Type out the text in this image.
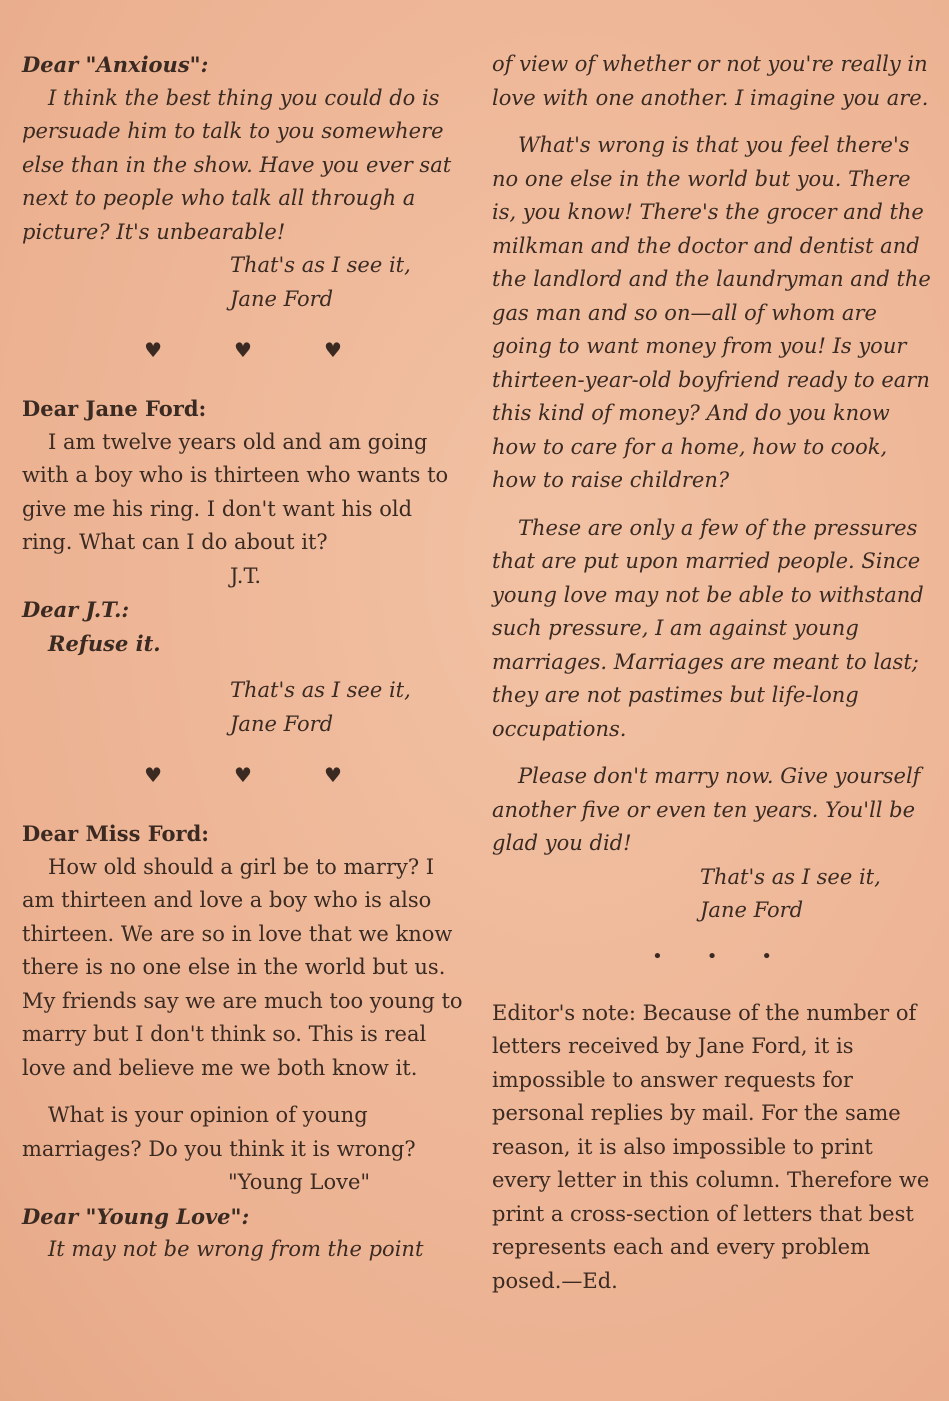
Dear "Anxious":

I think the best thing you could do is persuade him to talk to you somewhere else than in the show. Have you ever sat next to people who talk all through a picture? It's unbearable!

That's as I see it,

Jane Ford

♥	♥	♥

Dear Jane Ford:

I am twelve years old and am going with a boy who is thirteen who wants to give me his ring. I don't want his old ring. What can I do about it?

J.T.

Dear J.T.:

Refuse it.

That's as I see it,

Jane Ford

♥	♥	♥

Dear Miss Ford:

How old should a girl be to marry? I am thirteen and love a boy who is also thirteen. We are so in love that we know there is no one else in the world but us. My friends say we are much too young to marry but I don't think so. This is real love and believe me we both know it.

What is your opinion of young marriages? Do you think it is wrong?

"Young Love"

Dear "Young Love":

It may not be wrong from the point

of view of whether or not you're really in love with one another. I imagine you are.

What's wrong is that you feel there's no one else in the world but you. There is, you know! There's the grocer and the milkman and the doctor and dentist and the landlord and the laundryman and the gas man and so on—all of whom are going to want money from you! Is your thirteen-year-old boyfriend ready to earn this kind of money? And do you know how to care for a home, how to cook, how to raise children?

These are only a few of the pressures that are put upon married people. Since young love may not be able to withstand such pressure, I am against young marriages. Marriages are meant to last; they are not pastimes but life-long occupations.

Please don't marry now. Give yourself another five or even ten years. You'll be glad you did!

That's as I see it,

Jane Ford

• • •

Editor's note: Because of the number of letters received by Jane Ford, it is impossible to answer requests for personal replies by mail. For the same reason, it is also impossible to print every letter in this column. Therefore we print a cross-section of letters that best represents each and every problem posed.—Ed.
